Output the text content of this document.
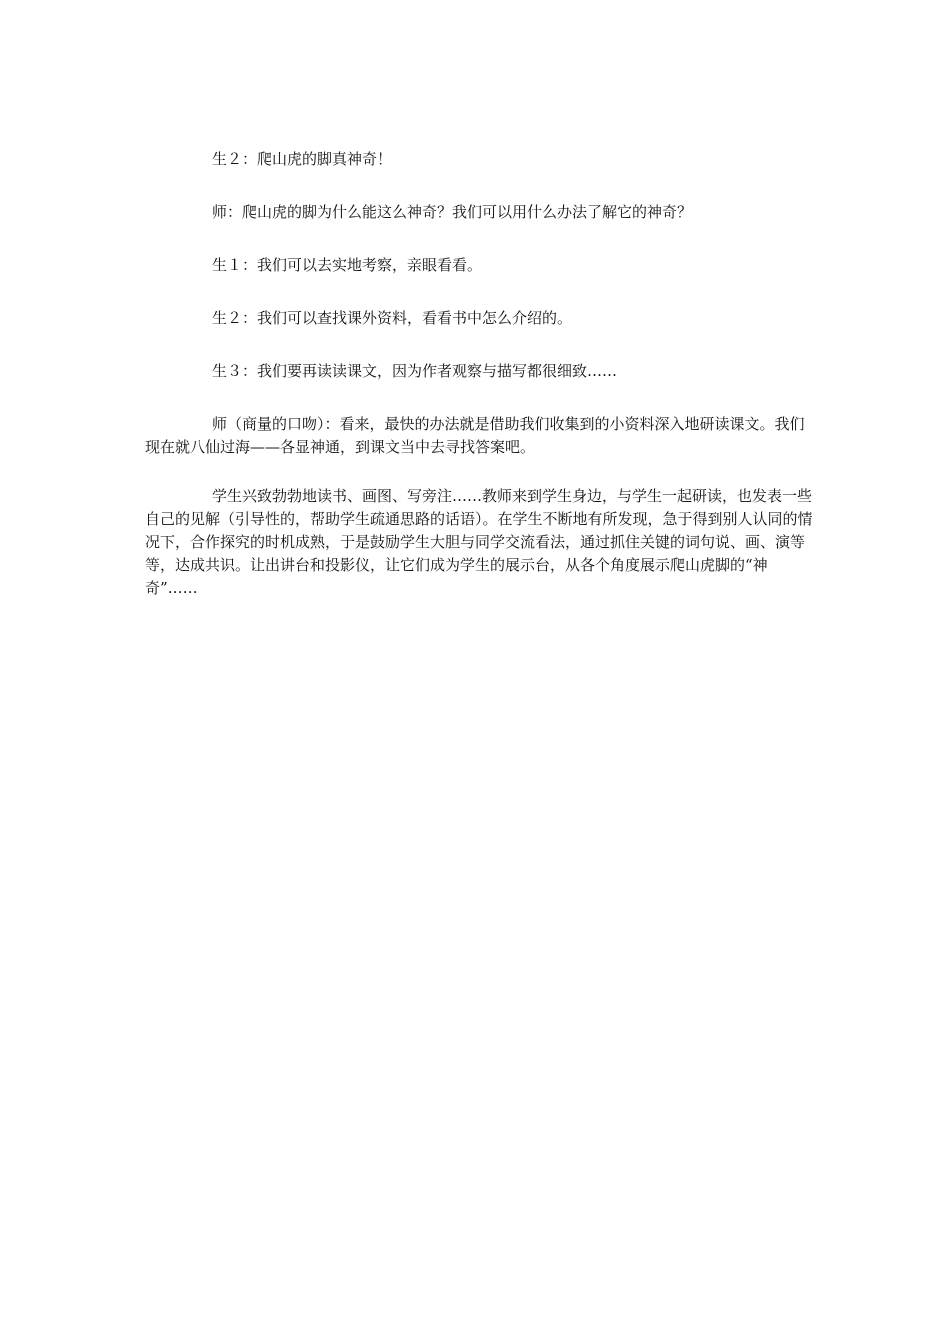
生２：爬山虎的脚真神奇！

师：爬山虎的脚为什么能这么神奇？我们可以用什么办法了解它的神奇？

生１：我们可以去实地考察，亲眼看看。

生２：我们可以查找课外资料，看看书中怎么介绍的。

生３：我们要再读读课文，因为作者观察与描写都很细致……

师（商量的口吻）：看来，最快的办法就是借助我们收集到的小资料深入地研读课文。我们现在就八仙过海——各显神通，到课文当中去寻找答案吧。

学生兴致勃勃地读书、画图、写旁注……教师来到学生身边，与学生一起研读，也发表一些自己的见解（引导性的，帮助学生疏通思路的话语）。在学生不断地有所发现，急于得到别人认同的情况下，合作探究的时机成熟，于是鼓励学生大胆与同学交流看法，通过抓住关键的词句说、画、演等等，达成共识。让出讲台和投影仪，让它们成为学生的展示台，从各个角度展示爬山虎脚的“神奇”……
